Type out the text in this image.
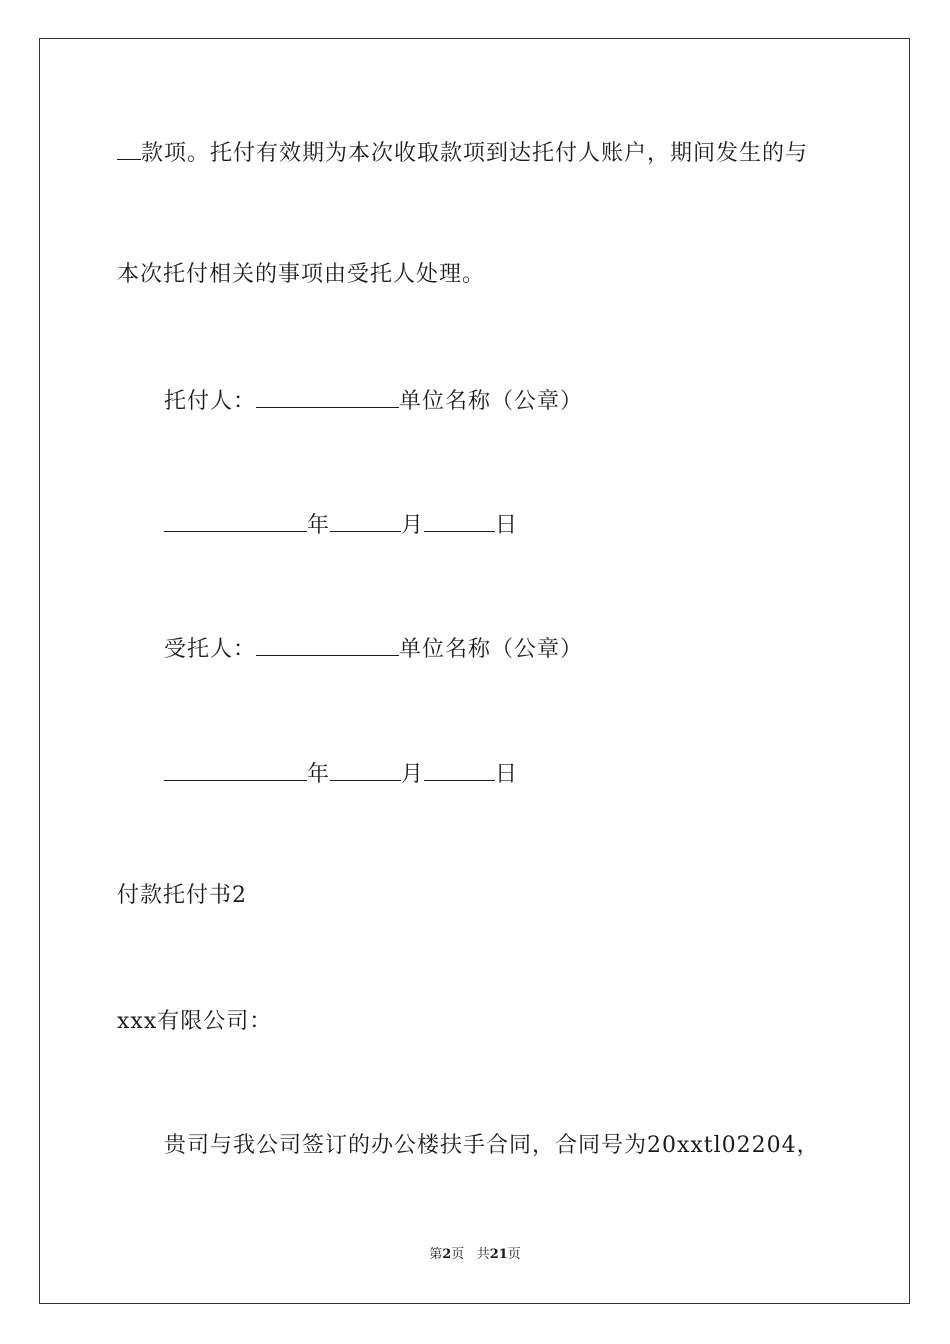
款项。托付有效期为本次收取款项到达托付人账户，期间发生的与
本次托付相关的事项由受托人处理。
托付人：	单位名称（公章）
年	月	日
受托人：	单位名称（公章）
年	月	日
付款托付书2
xxx有限公司：
贵司与我公司签订的办公楼扶手合同，合同号为20xxtl02204，
第2页 共21页
